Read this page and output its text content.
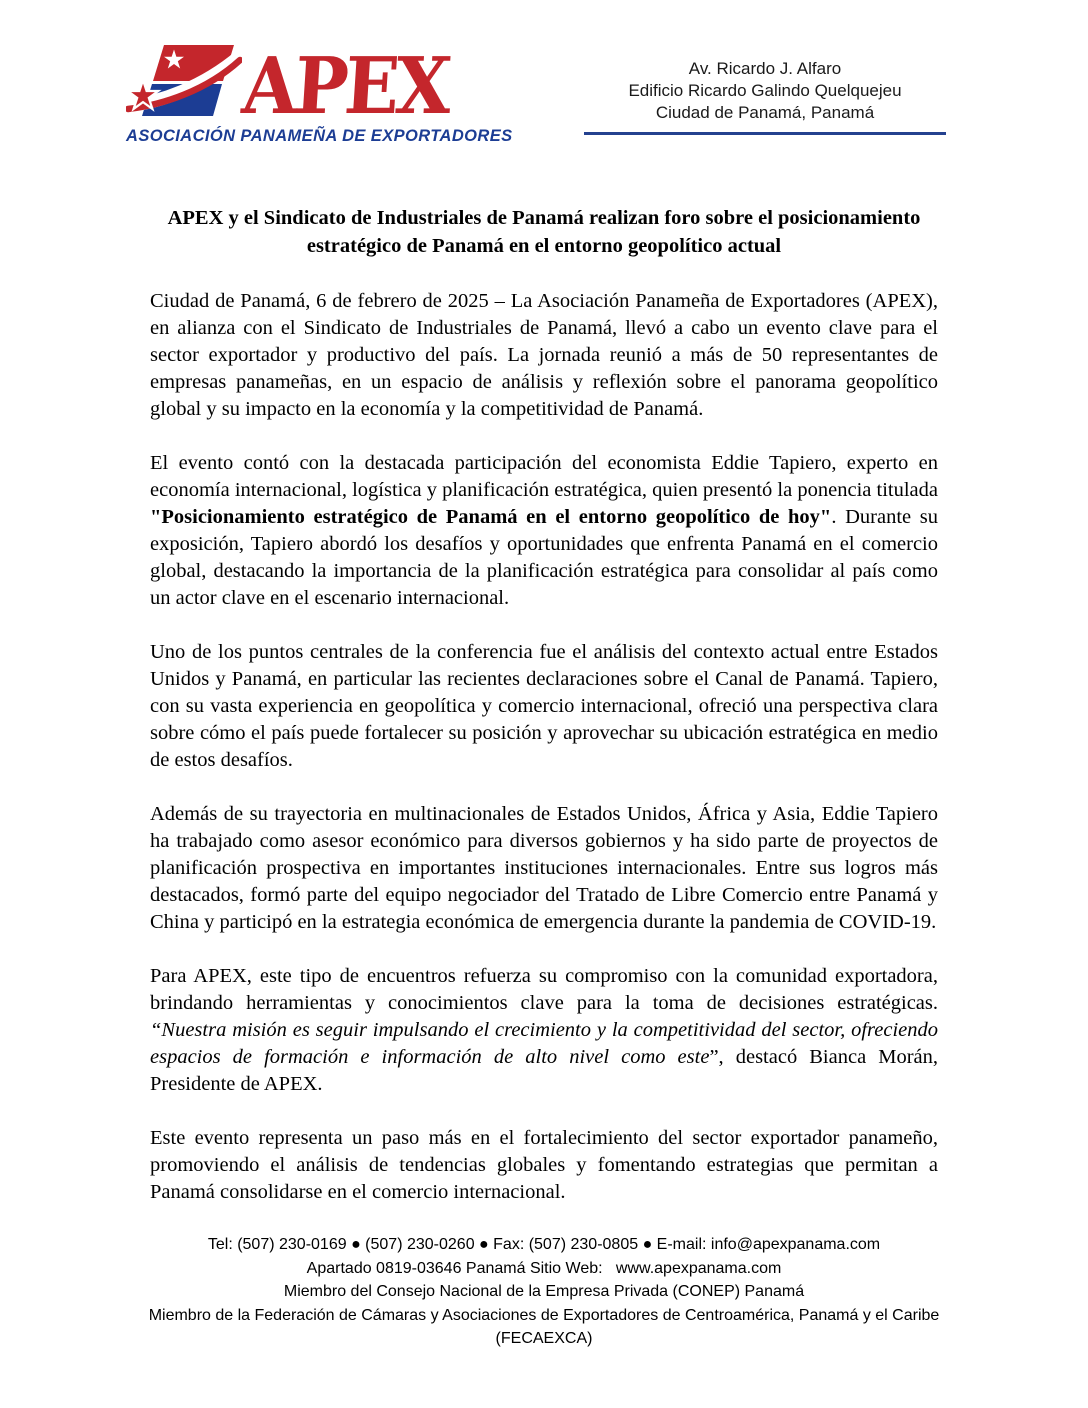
APEX
ASOCIACIÓN PANAMEÑA DE EXPORTADORES
Av. Ricardo J. Alfaro
Edificio Ricardo Galindo Quelquejeu
Ciudad de Panamá, Panamá
APEX y el Sindicato de Industriales de Panamá realizan foro sobre el posicionamiento estratégico de Panamá en el entorno geopolítico actual

Ciudad de Panamá, 6 de febrero de 2025 – La Asociación Panameña de Exportadores (APEX), en alianza con el Sindicato de Industriales de Panamá, llevó a cabo un evento clave para el sector exportador y productivo del país. La jornada reunió a más de 50 representantes de empresas panameñas, en un espacio de análisis y reflexión sobre el panorama geopolítico global y su impacto en la economía y la competitividad de Panamá.

El evento contó con la destacada participación del economista Eddie Tapiero, experto en economía internacional, logística y planificación estratégica, quien presentó la ponencia titulada "Posicionamiento estratégico de Panamá en el entorno geopolítico de hoy". Durante su exposición, Tapiero abordó los desafíos y oportunidades que enfrenta Panamá en el comercio global, destacando la importancia de la planificación estratégica para consolidar al país como un actor clave en el escenario internacional.

Uno de los puntos centrales de la conferencia fue el análisis del contexto actual entre Estados Unidos y Panamá, en particular las recientes declaraciones sobre el Canal de Panamá. Tapiero, con su vasta experiencia en geopolítica y comercio internacional, ofreció una perspectiva clara sobre cómo el país puede fortalecer su posición y aprovechar su ubicación estratégica en medio de estos desafíos.

Además de su trayectoria en multinacionales de Estados Unidos, África y Asia, Eddie Tapiero ha trabajado como asesor económico para diversos gobiernos y ha sido parte de proyectos de planificación prospectiva en importantes instituciones internacionales. Entre sus logros más destacados, formó parte del equipo negociador del Tratado de Libre Comercio entre Panamá y China y participó en la estrategia económica de emergencia durante la pandemia de COVID-19.

Para APEX, este tipo de encuentros refuerza su compromiso con la comunidad exportadora, brindando herramientas y conocimientos clave para la toma de decisiones estratégicas. “Nuestra misión es seguir impulsando el crecimiento y la competitividad del sector, ofreciendo espacios de formación e información de alto nivel como este”, destacó Bianca Morán, Presidente de APEX.

Este evento representa un paso más en el fortalecimiento del sector exportador panameño, promoviendo el análisis de tendencias globales y fomentando estrategias que permitan a Panamá consolidarse en el comercio internacional.

Tel: (507) 230-0169 ● (507) 230-0260 ● Fax: (507) 230-0805 ● E-mail: info@apexpanama.com
Apartado 0819-03646 Panamá Sitio Web:   www.apexpanama.com
Miembro del Consejo Nacional de la Empresa Privada (CONEP) Panamá
Miembro de la Federación de Cámaras y Asociaciones de Exportadores de Centroamérica, Panamá y el Caribe
(FECAEXCA)
